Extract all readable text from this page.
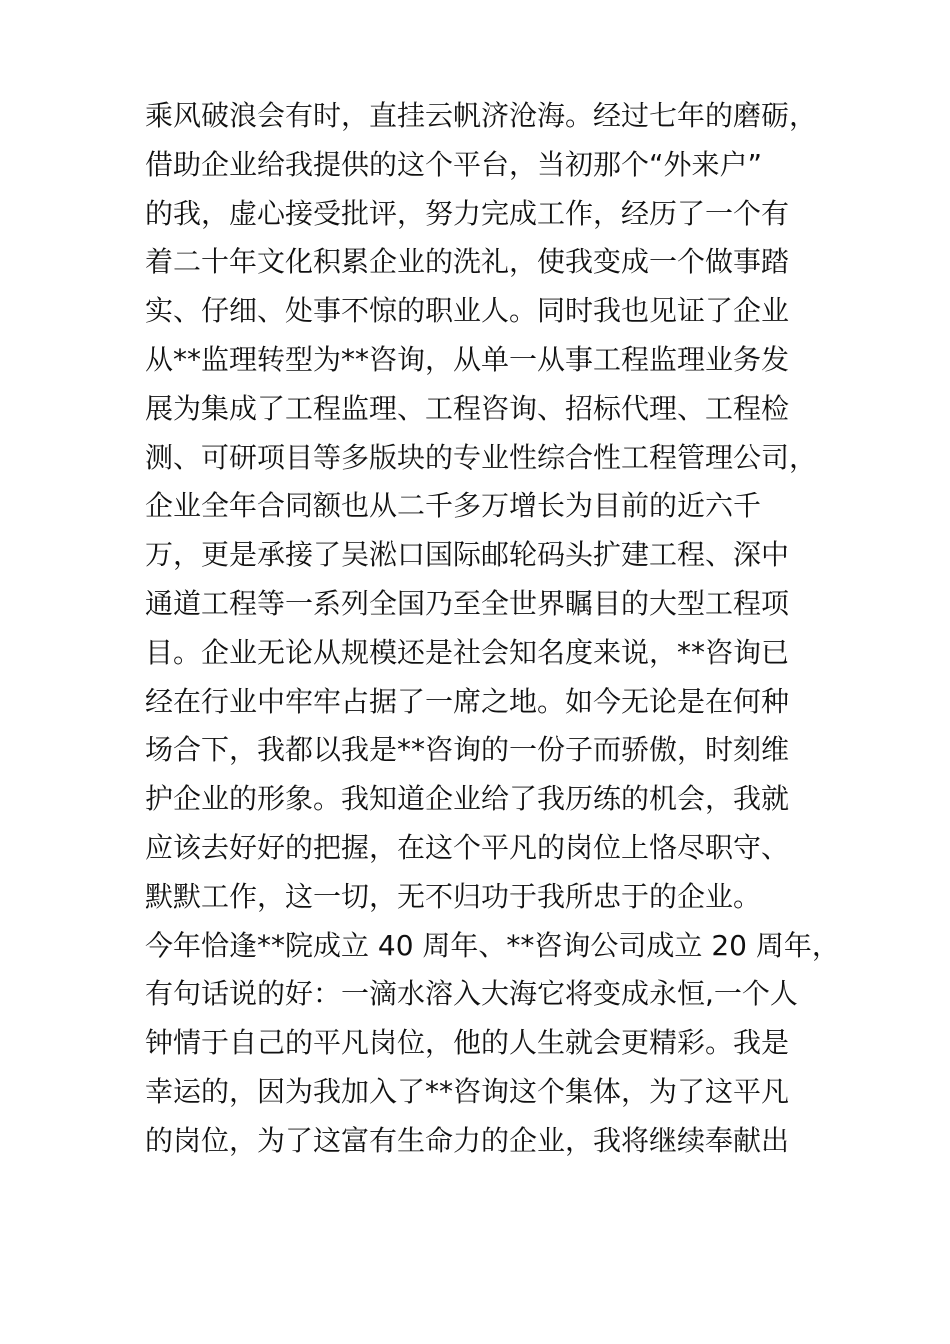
乘风破浪会有时，直挂云帆济沧海。经过七年的磨砺，
借助企业给我提供的这个平台，当初那个“外来户”
的我，虚心接受批评，努力完成工作，经历了一个有
着二十年文化积累企业的洗礼，使我变成一个做事踏
实、仔细、处事不惊的职业人。同时我也见证了企业
从**监理转型为**咨询，从单一从事工程监理业务发
展为集成了工程监理、工程咨询、招标代理、工程检
测、可研项目等多版块的专业性综合性工程管理公司，
企业全年合同额也从二千多万增长为目前的近六千
万，更是承接了吴淞口国际邮轮码头扩建工程、深中
通道工程等一系列全国乃至全世界瞩目的大型工程项
目。企业无论从规模还是社会知名度来说，**咨询已
经在行业中牢牢占据了一席之地。如今无论是在何种
场合下，我都以我是**咨询的一份子而骄傲，时刻维
护企业的形象。我知道企业给了我历练的机会，我就
应该去好好的把握，在这个平凡的岗位上恪尽职守、
默默工作，这一切，无不归功于我所忠于的企业。
今年恰逢**院成立 40 周年、**咨询公司成立 20 周年，
有句话说的好：一滴水溶入大海它将变成永恒,一个人
钟情于自己的平凡岗位，他的人生就会更精彩。我是
幸运的，因为我加入了**咨询这个集体，为了这平凡
的岗位，为了这富有生命力的企业，我将继续奉献出
